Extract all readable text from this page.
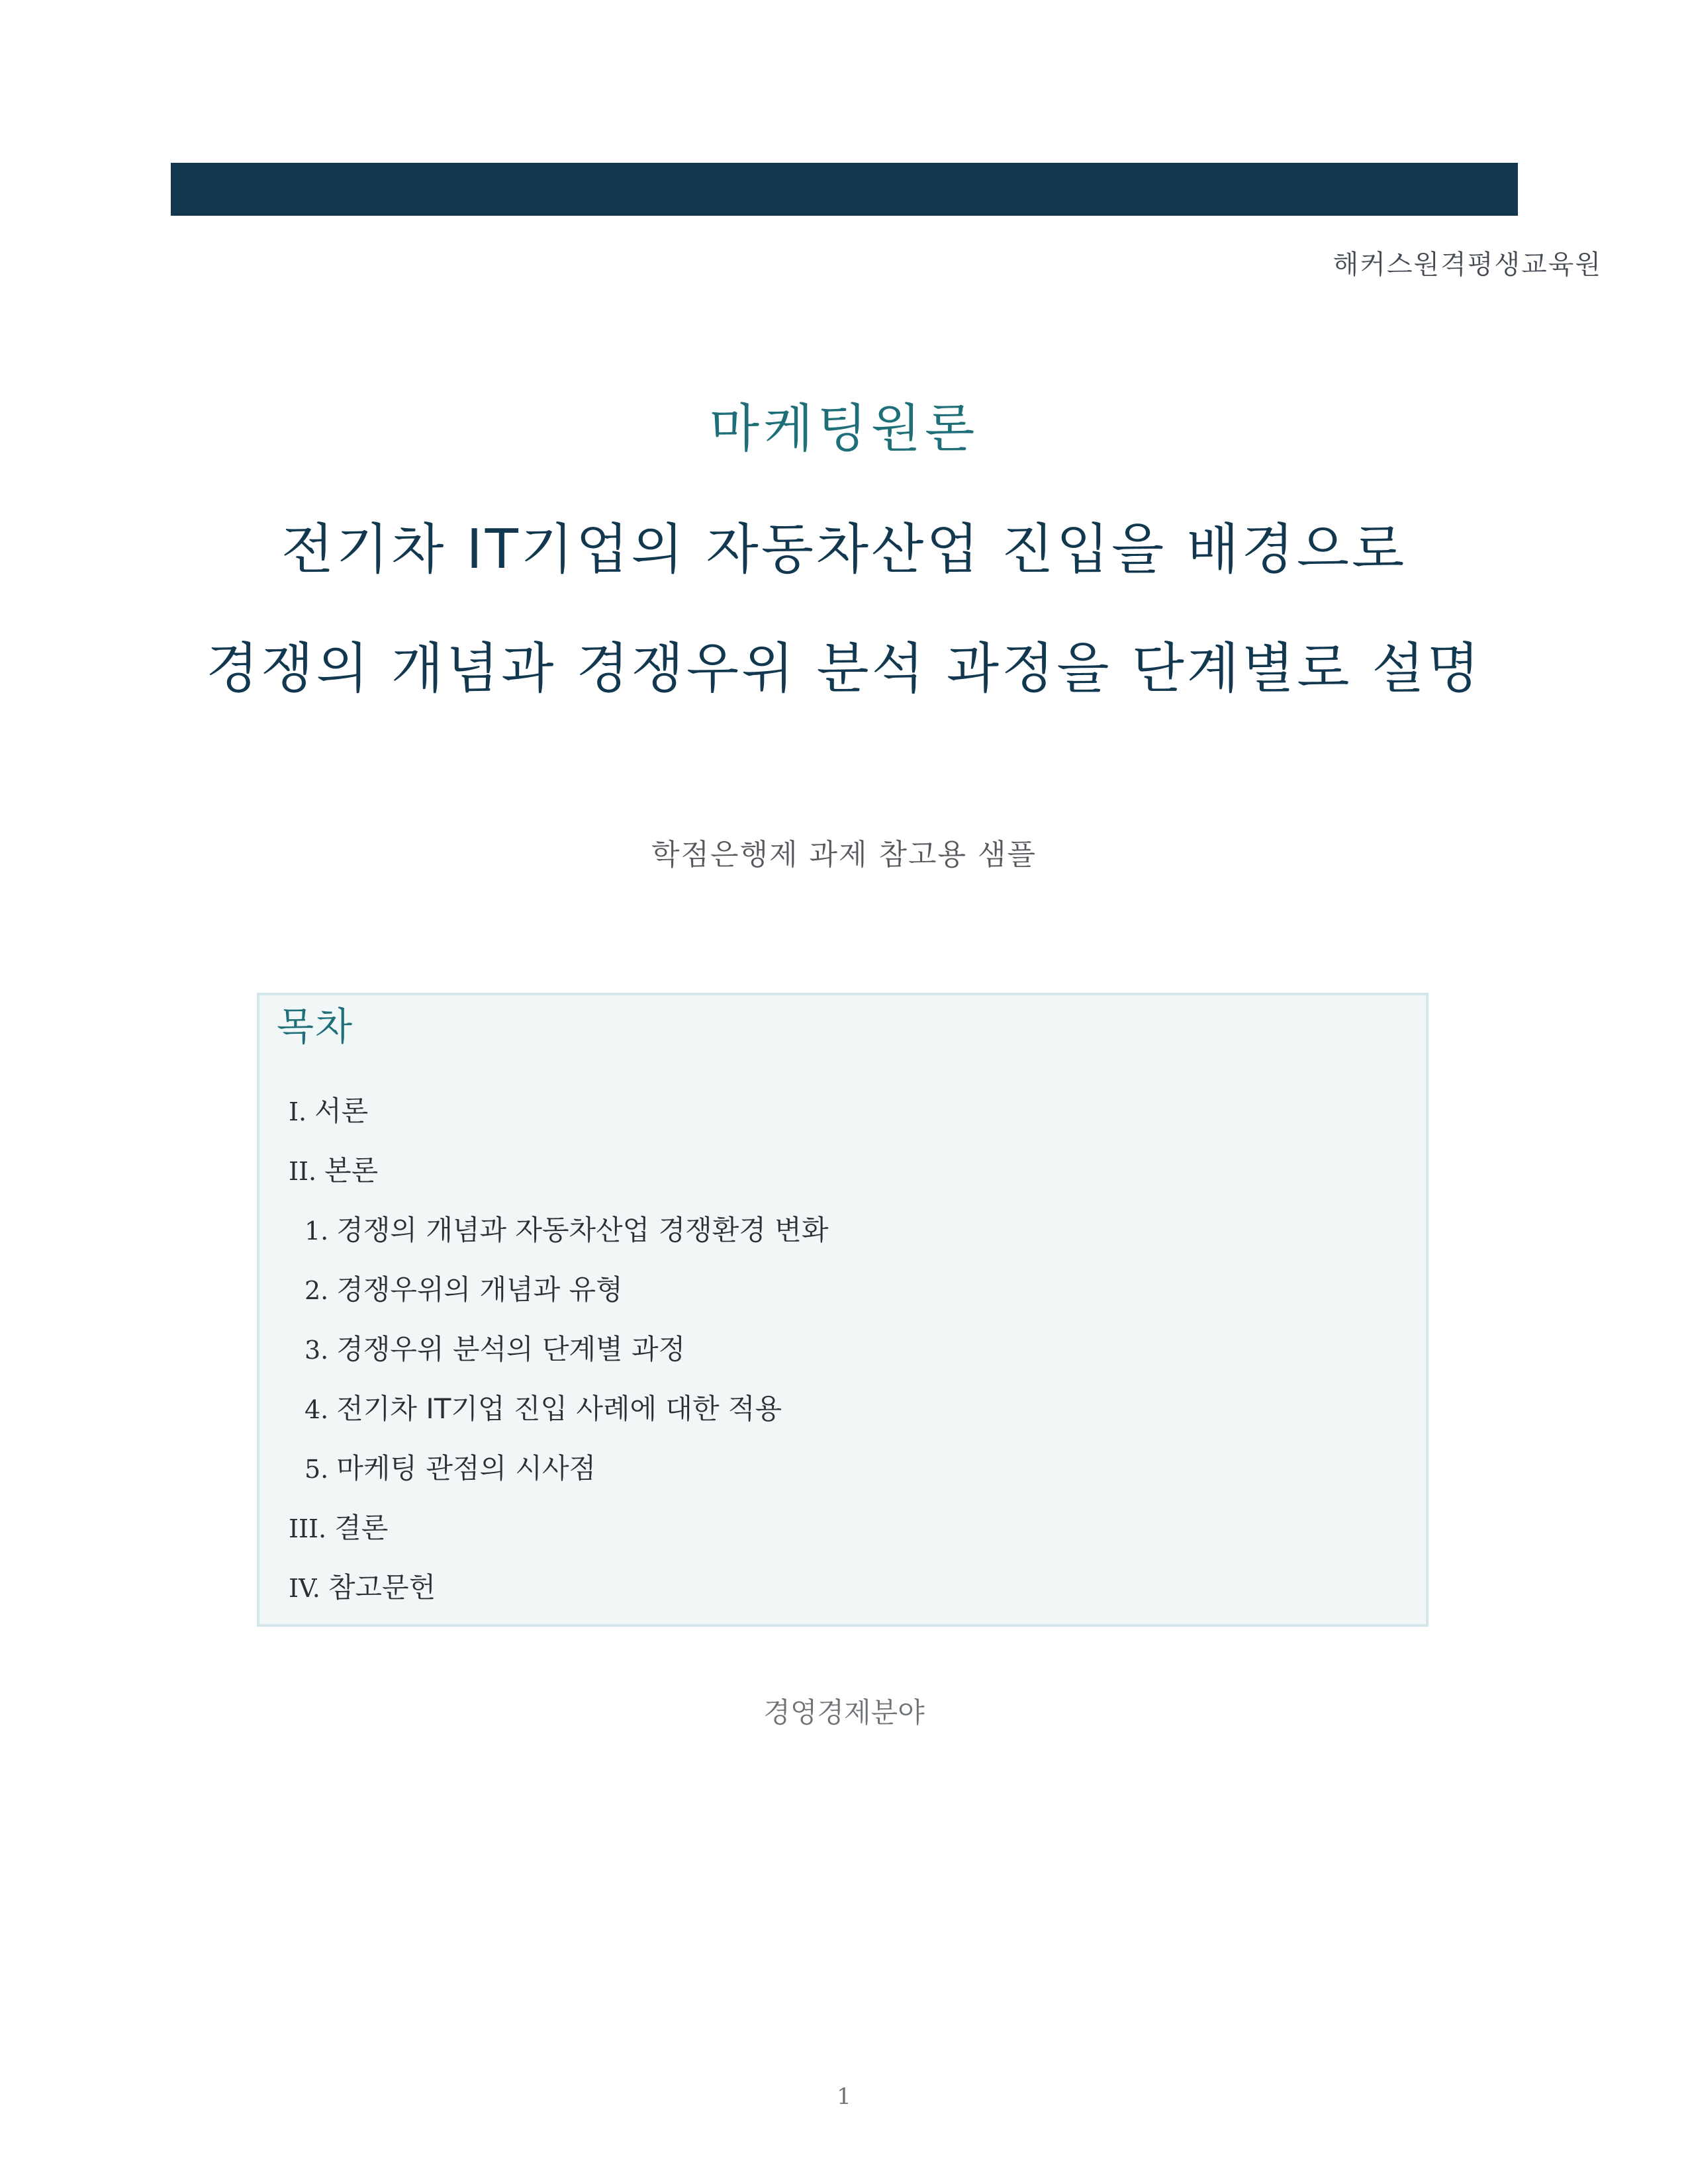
해커스원격평생교육원
마케팅원론
전기차 IT기업의 자동차산업 진입을 배경으로
경쟁의 개념과 경쟁우위 분석 과정을 단계별로 설명
학점은행제 과제 참고용 샘플
목차
I. 서론
II. 본론
1. 경쟁의 개념과 자동차산업 경쟁환경 변화
2. 경쟁우위의 개념과 유형
3. 경쟁우위 분석의 단계별 과정
4. 전기차 IT기업 진입 사례에 대한 적용
5. 마케팅 관점의 시사점
III. 결론
IV. 참고문헌
경영경제분야
1
